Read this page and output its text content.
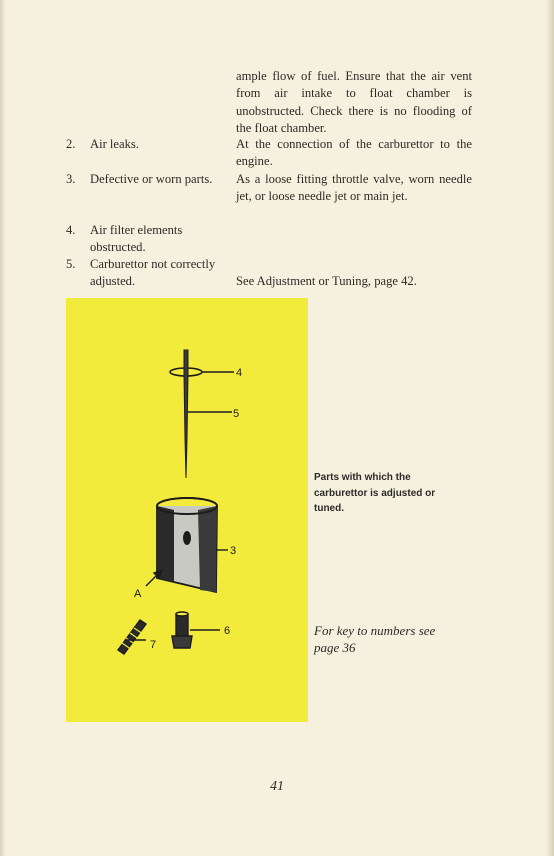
ample flow of fuel. Ensure that the air vent from air intake to float chamber is unobstructed. Check there is no flooding of the float chamber.
2. Air leaks.	At the connection of the carburettor to the engine.
3. Defective or worn parts.	As a loose fitting throttle valve, worn needle jet, or loose needle jet or main jet.
4. Air filter elements obstructed.
5. Carburettor not correctly adjusted.	See Adjustment or Tuning, page 42.
4
5
3
A
6
7
Parts with which the carburettor is adjusted or tuned.
For key to numbers see page 36
41
